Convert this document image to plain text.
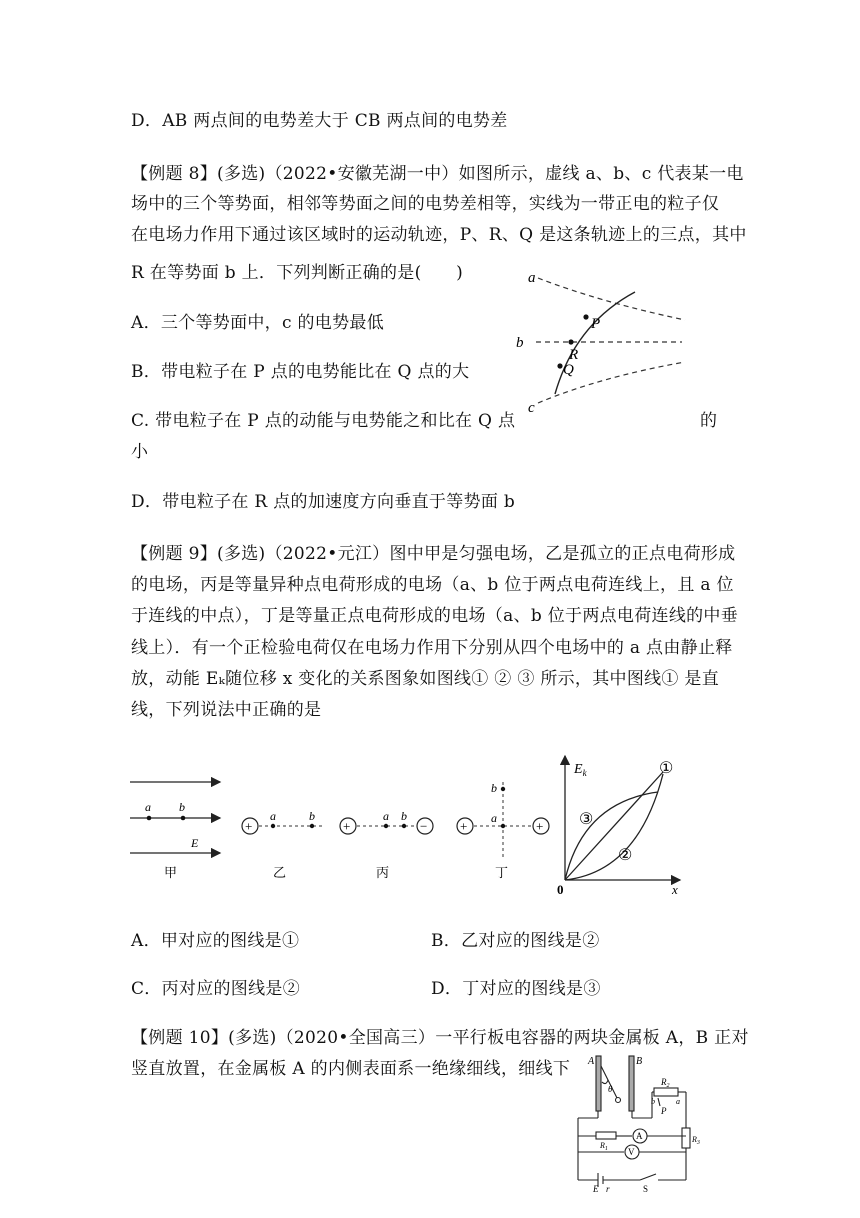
D．AB 两点间的电势差大于 CB 两点间的电势差
【例题 8】(多选)（2022•安徽芜湖一中）如图所示，虚线 a、b、c 代表某一电
场中的三个等势面，相邻等势面之间的电势差相等，实线为一带正电的粒子仅
在电场力作用下通过该区域时的运动轨迹，P、R、Q 是这条轨迹上的三点，其中
R 在等势面 b 上．下列判断正确的是(　　)
A．三个等势面中，c 的电势最低
B．带电粒子在 P 点的电势能比在 Q 点的大
C. 带电粒子在 P 点的动能与电势能之和比在 Q 点	的
小
D．带电粒子在 R 点的加速度方向垂直于等势面 b
【例题 9】(多选)（2022•元江）图中甲是匀强电场，乙是孤立的正点电荷形成
的电场，丙是等量异种点电荷形成的电场（a、b 位于两点电荷连线上，且 a 位
于连线的中点），丁是等量正点电荷形成的电场（a、b 位于两点电荷连线的中垂
线上）．有一个正检验电荷仅在电场力作用下分别从四个电场中的 a 点由静止释
放，动能 Eₖ随位移 x 变化的关系图象如图线① ② ③ 所示，其中图线① 是直
线，下列说法中正确的是
A．甲对应的图线是①	B．乙对应的图线是②
C．丙对应的图线是②	D．丁对应的图线是③
【例题 10】(多选)（2020•全国高三）一平行板电容器的两块金属板 A，B 正对
竖直放置，在金属板 A 的内侧表面系一绝缘细线，细线下
a
b
c
P
R
Q
a b
E
甲
+
a	b
乙
+	−
a b
丙
+	+
b
a
丁
$E_k$
x
0
①
②
③
A	B
θ
$R_2$
P
b	a
$R_1$
$R_3$
A
V
E r	S
